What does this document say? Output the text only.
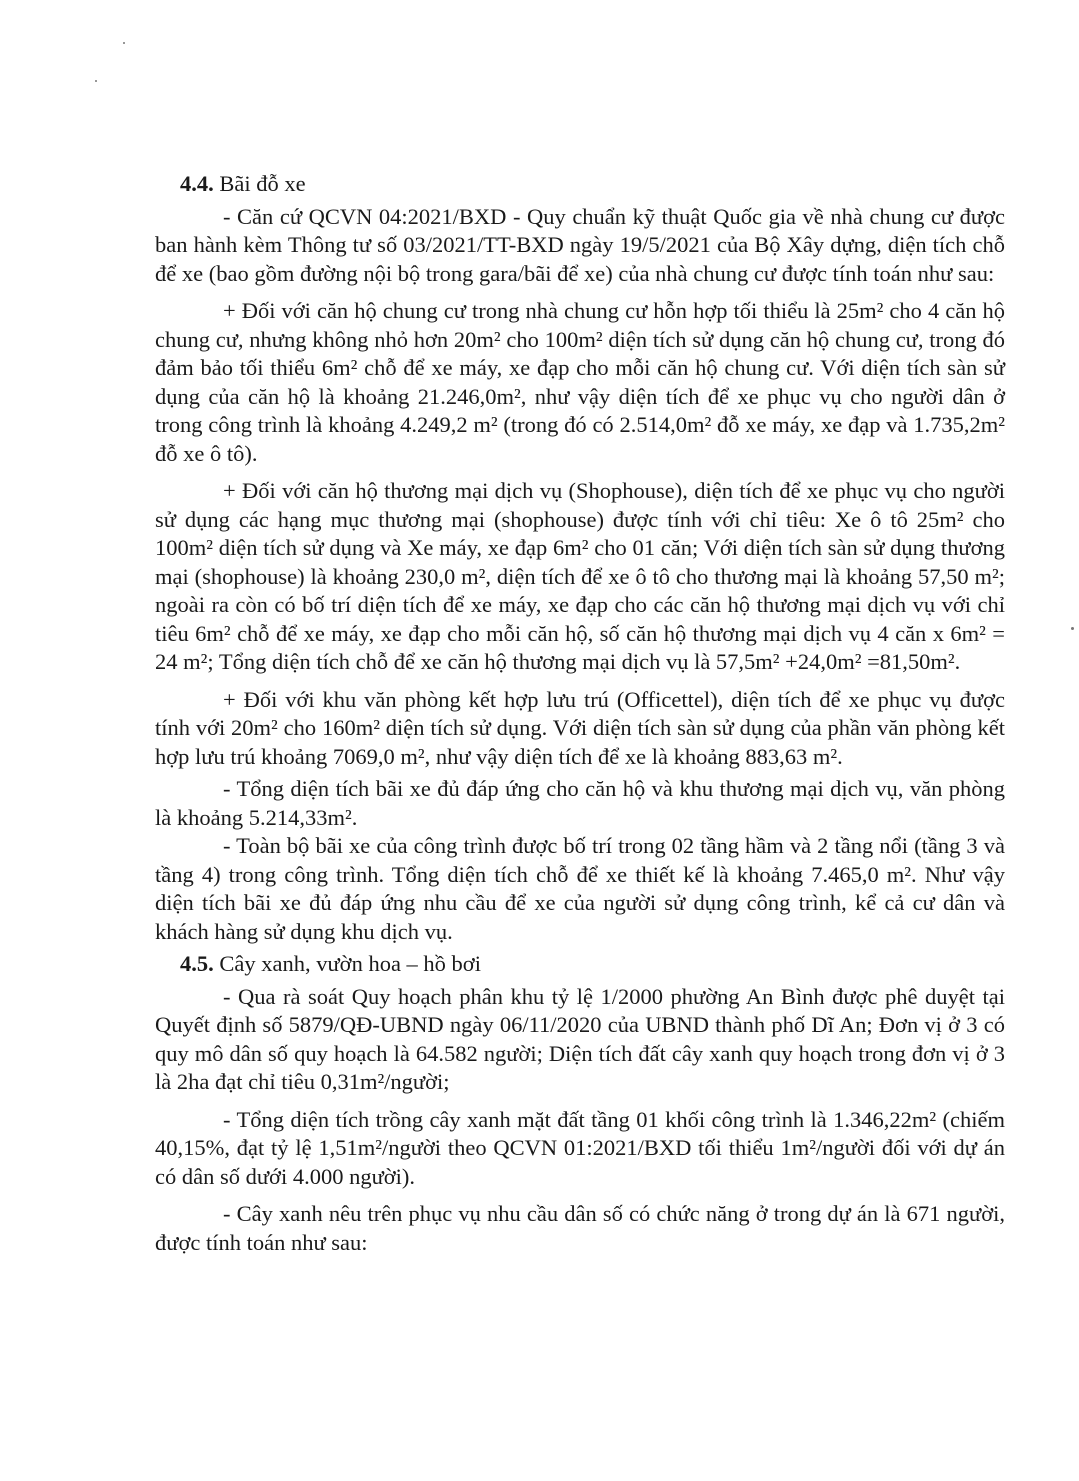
4.4. Bãi đỗ xe

- Căn cứ QCVN 04:2021/BXD - Quy chuẩn kỹ thuật Quốc gia về nhà chung cư được ban hành kèm Thông tư số 03/2021/TT-BXD ngày 19/5/2021 của Bộ Xây dựng, diện tích chỗ để xe (bao gồm đường nội bộ trong gara/bãi để xe) của nhà chung cư được tính toán như sau:

+ Đối với căn hộ chung cư trong nhà chung cư hỗn hợp tối thiểu là 25m² cho 4 căn hộ chung cư, nhưng không nhỏ hơn 20m² cho 100m² diện tích sử dụng căn hộ chung cư, trong đó đảm bảo tối thiểu 6m² chỗ để xe máy, xe đạp cho mỗi căn hộ chung cư. Với diện tích sàn sử dụng của căn hộ là khoảng 21.246,0m², như vậy diện tích để xe phục vụ cho người dân ở trong công trình là khoảng 4.249,2 m² (trong đó có 2.514,0m² đỗ xe máy, xe đạp và 1.735,2m² đỗ xe ô tô).

+ Đối với căn hộ thương mại dịch vụ (Shophouse), diện tích để xe phục vụ cho người sử dụng các hạng mục thương mại (shophouse) được tính với chỉ tiêu: Xe ô tô 25m² cho 100m² diện tích sử dụng và Xe máy, xe đạp 6m² cho 01 căn; Với diện tích sàn sử dụng thương mại (shophouse) là khoảng 230,0 m², diện tích để xe ô tô cho thương mại là khoảng 57,50 m²; ngoài ra còn có bố trí diện tích để xe máy, xe đạp cho các căn hộ thương mại dịch vụ với chỉ tiêu 6m² chỗ để xe máy, xe đạp cho mỗi căn hộ, số căn hộ thương mại dịch vụ 4 căn x 6m² = 24 m²; Tổng diện tích chỗ để xe căn hộ thương mại dịch vụ là 57,5m² +24,0m² =81,50m².

+ Đối với khu văn phòng kết hợp lưu trú (Officettel), diện tích để xe phục vụ được tính với 20m² cho 160m² diện tích sử dụng. Với diện tích sàn sử dụng của phần văn phòng kết hợp lưu trú khoảng 7069,0 m², như vậy diện tích để xe là khoảng 883,63 m².

- Tổng diện tích bãi xe đủ đáp ứng cho căn hộ và khu thương mại dịch vụ, văn phòng là khoảng 5.214,33m².

- Toàn bộ bãi xe của công trình được bố trí trong 02 tầng hầm và 2 tầng nổi (tầng 3 và tầng 4) trong công trình. Tổng diện tích chỗ để xe thiết kế là khoảng 7.465,0 m². Như vậy diện tích bãi xe đủ đáp ứng nhu cầu để xe của người sử dụng công trình, kể cả cư dân và khách hàng sử dụng khu dịch vụ.

4.5. Cây xanh, vườn hoa – hồ bơi

- Qua rà soát Quy hoạch phân khu tỷ lệ 1/2000 phường An Bình được phê duyệt tại Quyết định số 5879/QĐ-UBND ngày 06/11/2020 của UBND thành phố Dĩ An; Đơn vị ở 3 có quy mô dân số quy hoạch là 64.582 người; Diện tích đất cây xanh quy hoạch trong đơn vị ở 3 là 2ha đạt chỉ tiêu 0,31m²/người;

- Tổng diện tích trồng cây xanh mặt đất tầng 01 khối công trình là 1.346,22m² (chiếm 40,15%, đạt tỷ lệ 1,51m²/người theo QCVN 01:2021/BXD tối thiểu 1m²/người đối với dự án có dân số dưới 4.000 người).

- Cây xanh nêu trên phục vụ nhu cầu dân số có chức năng ở trong dự án là 671 người, được tính toán như sau:
